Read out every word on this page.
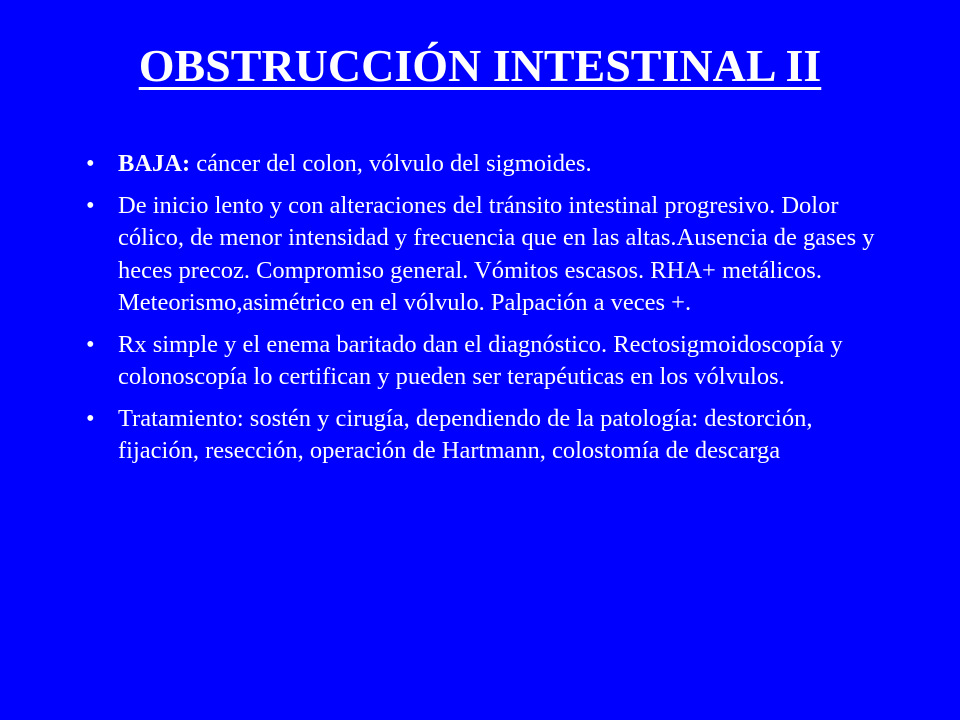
OBSTRUCCIÓN INTESTINAL II
• BAJA: cáncer del colon, vólvulo del sigmoides.
• De inicio lento y con alteraciones del tránsito intestinal progresivo. Dolor cólico, de menor intensidad y frecuencia que en las altas.Ausencia de gases y heces precoz. Compromiso general. Vómitos escasos. RHA+ metálicos. Meteorismo,asimétrico en el vólvulo. Palpación a veces +.
• Rx simple y el enema baritado dan el diagnóstico. Rectosigmoidoscopía y colonoscopía lo certifican y pueden ser terapéuticas en los vólvulos.
• Tratamiento: sostén y cirugía, dependiendo de la patología: destorción, fijación, resección, operación de Hartmann, colostomía de descarga
